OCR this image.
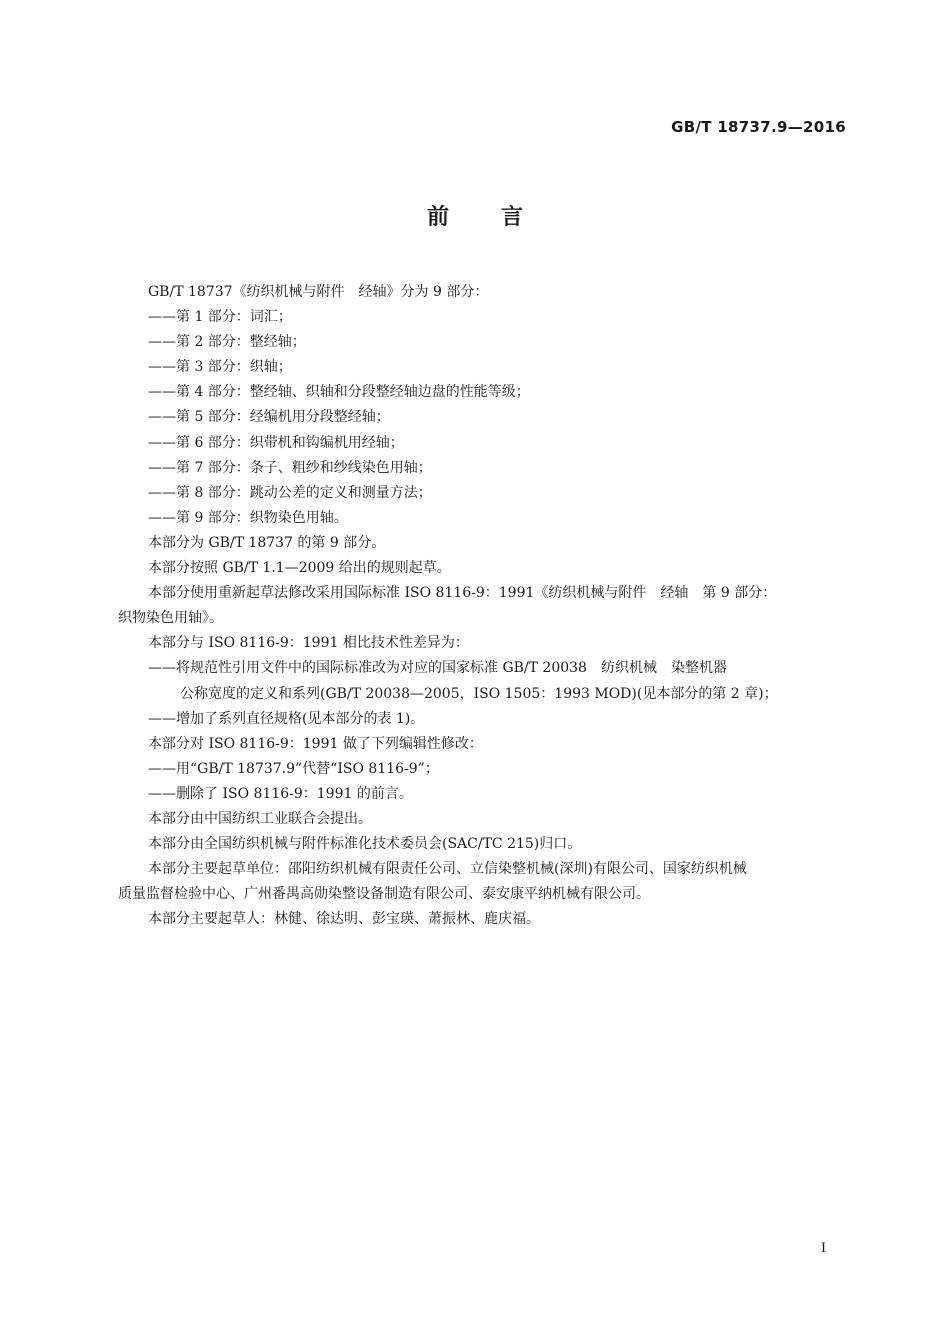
GB/T 18737.9—2016
前言
GB/T 18737《纺织机械与附件　经轴》分为 9 部分：
——第 1 部分：词汇；
——第 2 部分：整经轴；
——第 3 部分：织轴；
——第 4 部分：整经轴、织轴和分段整经轴边盘的性能等级；
——第 5 部分：经编机用分段整经轴；
——第 6 部分：织带机和钩编机用经轴；
——第 7 部分：条子、粗纱和纱线染色用轴；
——第 8 部分：跳动公差的定义和测量方法；
——第 9 部分：织物染色用轴。
本部分为 GB/T 18737 的第 9 部分。
本部分按照 GB/T 1.1—2009 给出的规则起草。
本部分使用重新起草法修改采用国际标准 ISO 8116-9：1991《纺织机械与附件　经轴　第 9 部分：
织物染色用轴》。
本部分与 ISO 8116-9：1991 相比技术性差异为：
——将规范性引用文件中的国际标准改为对应的国家标准 GB/T 20038　纺织机械　染整机器
公称宽度的定义和系列(GB/T 20038—2005，ISO 1505：1993 MOD)(见本部分的第 2 章)；
——增加了系列直径规格(见本部分的表 1)。
本部分对 ISO 8116-9：1991 做了下列编辑性修改：
——用“GB/T 18737.9”代替“ISO 8116-9”；
——删除了 ISO 8116-9：1991 的前言。
本部分由中国纺织工业联合会提出。
本部分由全国纺织机械与附件标准化技术委员会(SAC/TC 215)归口。
本部分主要起草单位：邵阳纺织机械有限责任公司、立信染整机械(深圳)有限公司、国家纺织机械
质量监督检验中心、广州番禺高勋染整设备制造有限公司、泰安康平纳机械有限公司。
本部分主要起草人：林健、徐达明、彭宝瑛、萧振林、鹿庆福。
I
